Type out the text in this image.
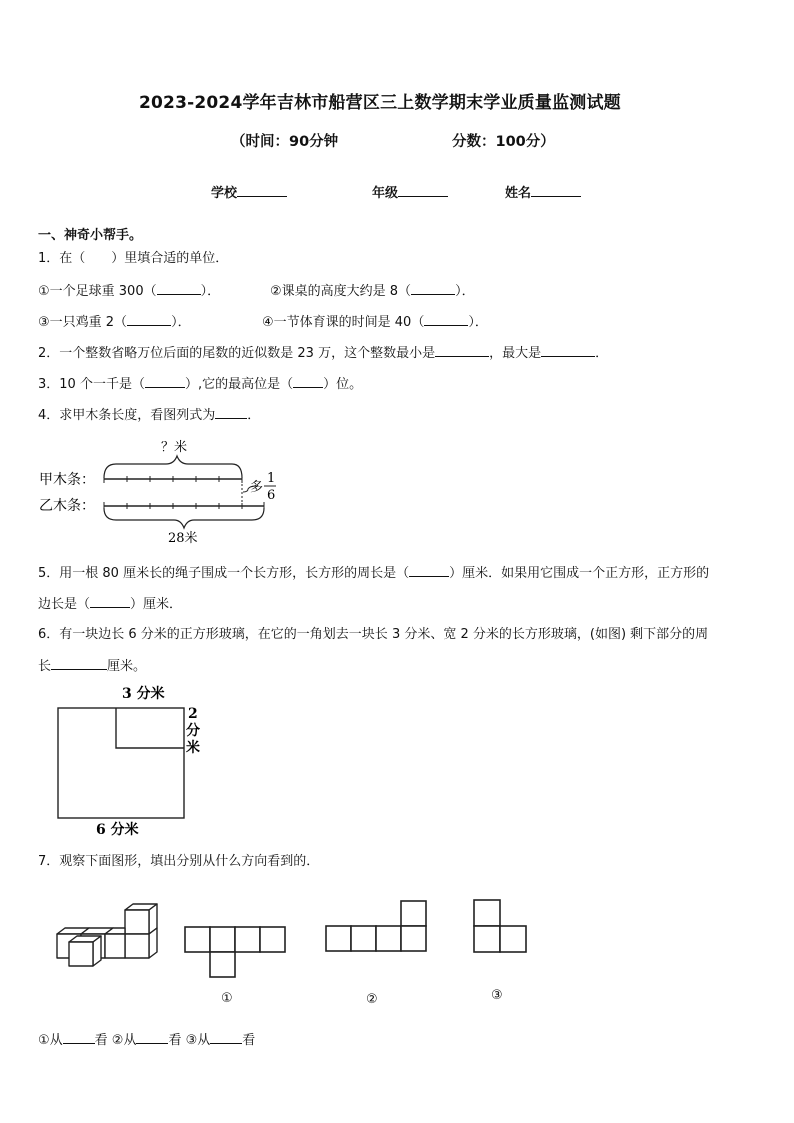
2023-2024学年吉林市船营区三上数学期末学业质量监测试题
（时间：90分钟	分数：100分）
学校	年级	姓名
一、神奇小帮手。
1．在（　　）里填合适的单位．
①一个足球重 300（	）．	②课桌的高度大约是 8（	）．
③一只鸡重 2（	）．	④一节体育课的时间是 40（	）．
2．一个整数省略万位后面的尾数的近似数是 23 万，这个整数最小是	，最大是	．
3．10 个一千是（	）,它的最高位是（ ）位。
4．求甲木条长度，看图列式为 ．
？米
甲木条：	多
1
6
乙木条：
28米
5．用一根 80 厘米长的绳子围成一个长方形，长方形的周长是（	）厘米．如果用它围成一个正方形，正方形的
边长是（	）厘米．
6．有一块边长 6 分米的正方形玻璃，在它的一角划去一块长 3 分米、宽 2 分米的长方形玻璃，(如图) 剩下部分的周
长	厘米。
3 分米
2
分
米
6 分米
7．观察下面图形，填出分别从什么方向看到的．
①	②	③
①从 看 ②从 看 ③从 看
